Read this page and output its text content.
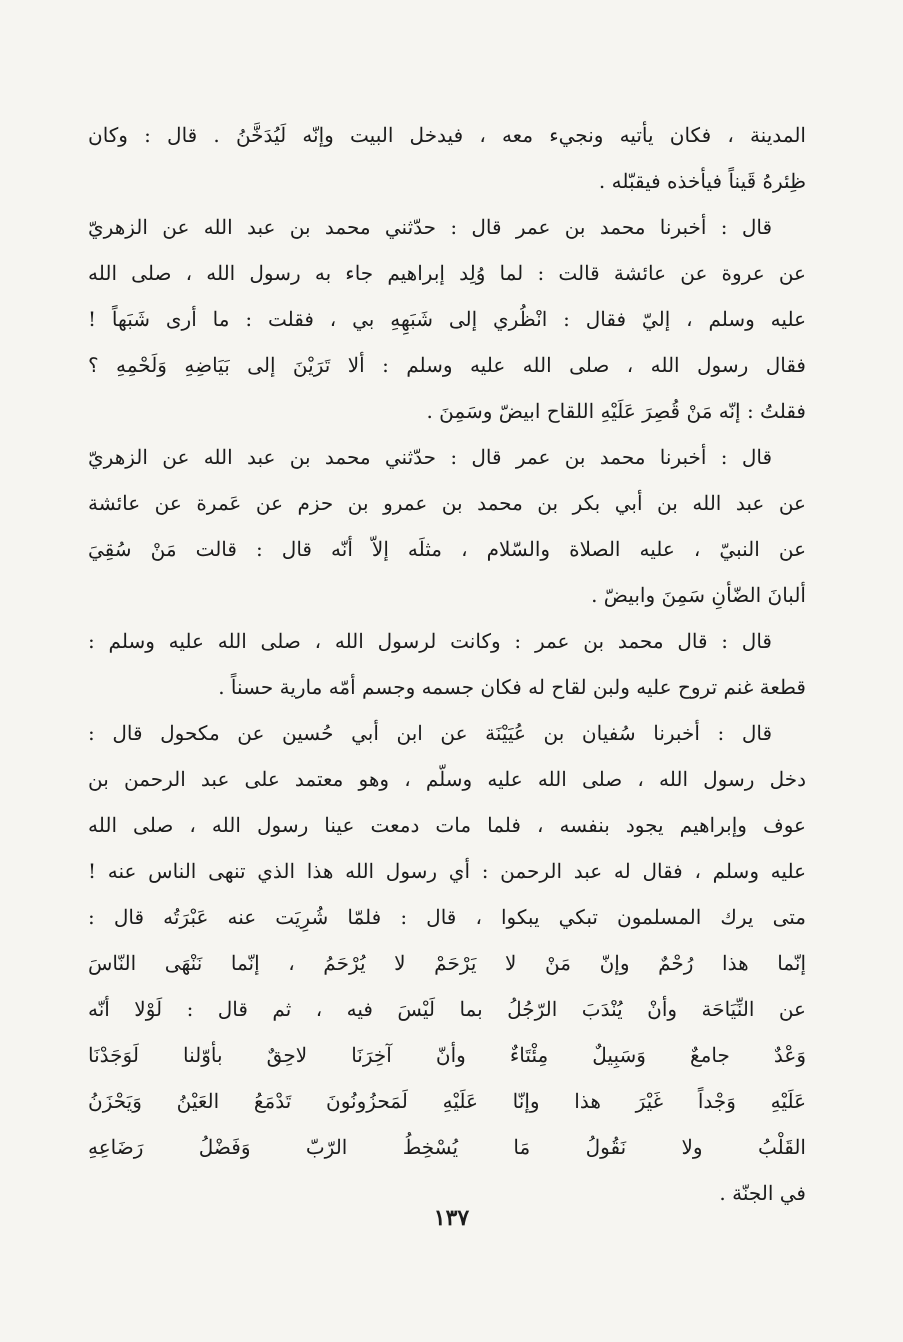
المدينة ، فكان يأتيه ونجيء معه ، فيدخل البيت وإنّه لَيُدَخَّنُ . قال : وكان
ظِئرهُ قَيناً فيأخذه فيقبّله .
قال : أخبرنا محمد بن عمر قال : حدّثني محمد بن عبد الله عن الزهريّ
عن عروة عن عائشة قالت : لما وُلِد إبراهيم جاء به رسول الله ، صلى الله
عليه وسلم ، إليّ فقال : انْظُري إلى شَبَهِهِ بي ، فقلت : ما أرى شَبَهاً !
فقال رسول الله ، صلى الله عليه وسلم : ألا تَرَيْنَ إلى بَيَاضِهِ وَلَحْمِهِ ؟
فقلتُ : إنّه مَنْ قُصِرَ عَلَيْهِ اللقاح ابيضّ وسَمِنَ .
قال : أخبرنا محمد بن عمر قال : حدّثني محمد بن عبد الله عن الزهريّ
عن عبد الله بن أبي بكر بن محمد بن عمرو بن حزم عن عَمرة عن عائشة
عن النبيّ ، عليه الصلاة والسّلام ، مثلَه إلاّ أنّه قال : قالت مَنْ سُقِيَ
ألبانَ الضّأنِ سَمِنَ وابيضّ .
قال : قال محمد بن عمر : وكانت لرسول الله ، صلى الله عليه وسلم :
قطعة غنم تروح عليه ولبن لقاح له فكان جسمه وجسم أمّه مارية حسناً .
قال : أخبرنا سُفيان بن عُيَيْنَة عن ابن أبي حُسين عن مكحول قال :
دخل رسول الله ، صلى الله عليه وسلّم ، وهو معتمد على عبد الرحمن بن
عوف وإبراهيم يجود بنفسه ، فلما مات دمعت عينا رسول الله ، صلى الله
عليه وسلم ، فقال له عبد الرحمن : أي رسول الله هذا الذي تنهى الناس عنه !
متى يرك المسلمون تبكي يبكوا ، قال : فلمّا شُرِيَت عنه عَبْرَتُه قال :
إنّما هذا رُحْمٌ وإنّ مَنْ لا يَرْحَمْ لا يُرْحَمُ ، إنّما نَنْهَى النّاسَ
عن النِّيَاحَة وأنْ يُنْدَبَ الرّجُلُ بما لَيْسَ فيه ، ثم قال : لَوْلا أنّه
وَعْدٌ جامعٌ وَسَبِيلٌ مِئْتَاءٌ وأنّ آخِرَنَا لاحِقٌ بأوّلنا لَوَجَدْنَا
عَلَيْهِ وَجْداً غَيْرَ هذا وإنّا عَلَيْهِ لَمَحزُونُونَ تَدْمَعُ العَيْنُ وَيَحْزَنُ
القَلْبُ ولا نَقُولُ مَا يُسْخِطُ الرّبّ وَفَضْلُ رَضَاعِهِ
في الجنّة .
١٣٧
